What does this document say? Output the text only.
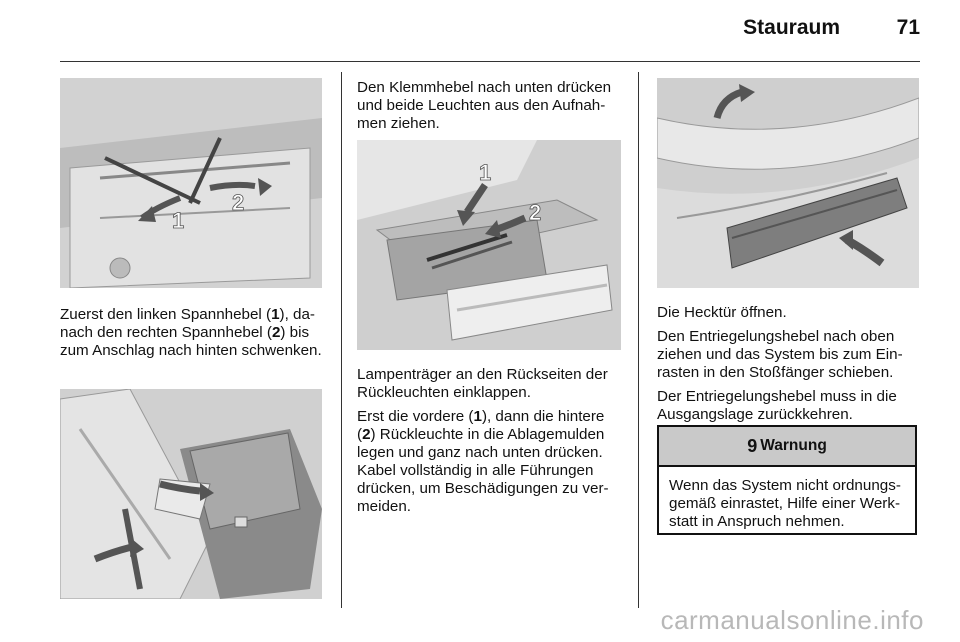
Stauraum	71
1
2

Zuerst den linken Spannhebel (1), danach den rechten Spannhebel (2) bis zum Anschlag nach hinten schwenken.

Den Klemmhebel nach unten drücken und beide Leuchten aus den Aufnahmen ziehen.

1
2

Lampenträger an den Rückseiten der Rückleuchten einklappen.

Erst die vordere (1), dann die hintere (2) Rückleuchte in die Ablagemulden legen und ganz nach unten drücken. Kabel vollständig in alle Führungen drücken, um Beschädigungen zu vermeiden.

Die Hecktür öffnen.

Den Entriegelungshebel nach oben ziehen und das System bis zum Einrasten in den Stoßfänger schieben.

Der Entriegelungshebel muss in die Ausgangslage zurückkehren.

9 Warnung
Wenn das System nicht ordnungsgemäß einrastet, Hilfe einer Werkstatt in Anspruch nehmen.
carmanualsonline.info
